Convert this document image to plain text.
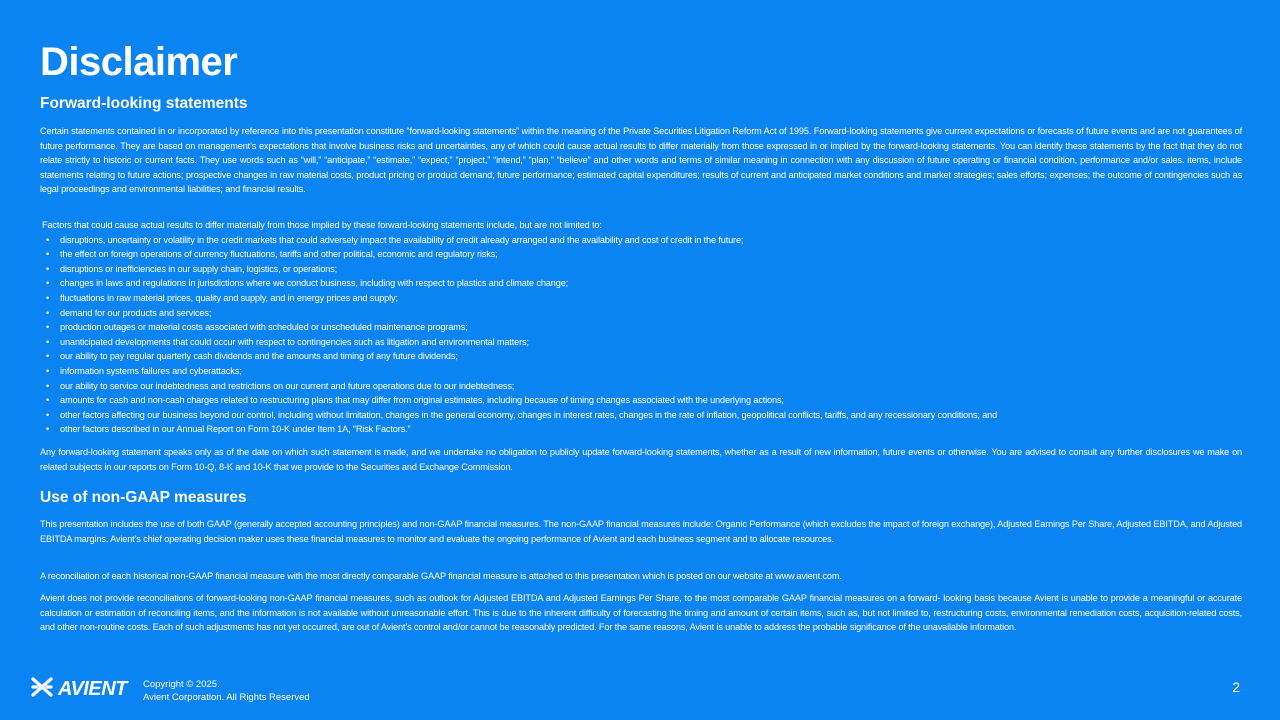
Disclaimer
Forward-looking statements
Certain statements contained in or incorporated by reference into this presentation constitute “forward-looking statements” within the meaning of the Private Securities Litigation Reform Act of 1995. Forward-looking statements give current expectations or forecasts of future events and are not guarantees of future performance. They are based on management’s expectations that involve business risks and uncertainties, any of which could cause actual results to differ materially from those expressed in or implied by the forward-looking statements. You can identify these statements by the fact that they do not relate strictly to historic or current facts. They use words such as “will,” “anticipate,” “estimate,” “expect,” “project,” “intend,” “plan,” “believe” and other words and terms of similar meaning in connection with any discussion of future operating or financial condition, performance and/or sales. items, include statements relating to future actions; prospective changes in raw material costs, product pricing or product demand; future performance; estimated capital expenditures; results of current and anticipated market conditions and market strategies; sales efforts; expenses; the outcome of contingencies such as legal proceedings and environmental liabilities; and financial results.
Factors that could cause actual results to differ materially from those implied by these forward-looking statements include, but are not limited to:
• disruptions, uncertainty or volatility in the credit markets that could adversely impact the availability of credit already arranged and the availability and cost of credit in the future;
• the effect on foreign operations of currency fluctuations, tariffs and other political, economic and regulatory risks;
• disruptions or inefficiencies in our supply chain, logistics, or operations;
• changes in laws and regulations in jurisdictions where we conduct business, including with respect to plastics and climate change;
• fluctuations in raw material prices, quality and supply, and in energy prices and supply;
• demand for our products and services;
• production outages or material costs associated with scheduled or unscheduled maintenance programs;
• unanticipated developments that could occur with respect to contingencies such as litigation and environmental matters;
• our ability to pay regular quarterly cash dividends and the amounts and timing of any future dividends;
• information systems failures and cyberattacks;
• our ability to service our indebtedness and restrictions on our current and future operations due to our indebtedness;
• amounts for cash and non-cash charges related to restructuring plans that may differ from original estimates, including because of timing changes associated with the underlying actions;
• other factors affecting our business beyond our control, including without limitation, changes in the general economy, changes in interest rates, changes in the rate of inflation, geopolitical conflicts, tariffs, and any recessionary conditions; and
• other factors described in our Annual Report on Form 10-K under Item 1A, “Risk Factors.”
Any forward-looking statement speaks only as of the date on which such statement is made, and we undertake no obligation to publicly update forward-looking statements, whether as a result of new information, future events or otherwise. You are advised to consult any further disclosures we make on related subjects in our reports on Form 10-Q, 8-K and 10-K that we provide to the Securities and Exchange Commission.
Use of non-GAAP measures
This presentation includes the use of both GAAP (generally accepted accounting principles) and non-GAAP financial measures. The non-GAAP financial measures include: Organic Performance (which excludes the impact of foreign exchange), Adjusted Earnings Per Share, Adjusted EBITDA, and Adjusted EBITDA margins. Avient’s chief operating decision maker uses these financial measures to monitor and evaluate the ongoing performance of Avient and each business segment and to allocate resources.
A reconciliation of each historical non-GAAP financial measure with the most directly comparable GAAP financial measure is attached to this presentation which is posted on our website at www.avient.com.
Avient does not provide reconciliations of forward-looking non-GAAP financial measures, such as outlook for Adjusted EBITDA and Adjusted Earnings Per Share, to the most comparable GAAP financial measures on a forward- looking basis because Avient is unable to provide a meaningful or accurate calculation or estimation of reconciling items, and the information is not available without unreasonable effort. This is due to the inherent difficulty of forecasting the timing and amount of certain items, such as, but not limited to, restructuring costs, environmental remediation costs, acquisition-related costs, and other non-routine costs. Each of such adjustments has not yet occurred, are out of Avient’s control and/or cannot be reasonably predicted. For the same reasons, Avient is unable to address the probable significance of the unavailable information.
AVIENT Copyright © 2025.
Avient Corporation. All Rights Reserved
2
